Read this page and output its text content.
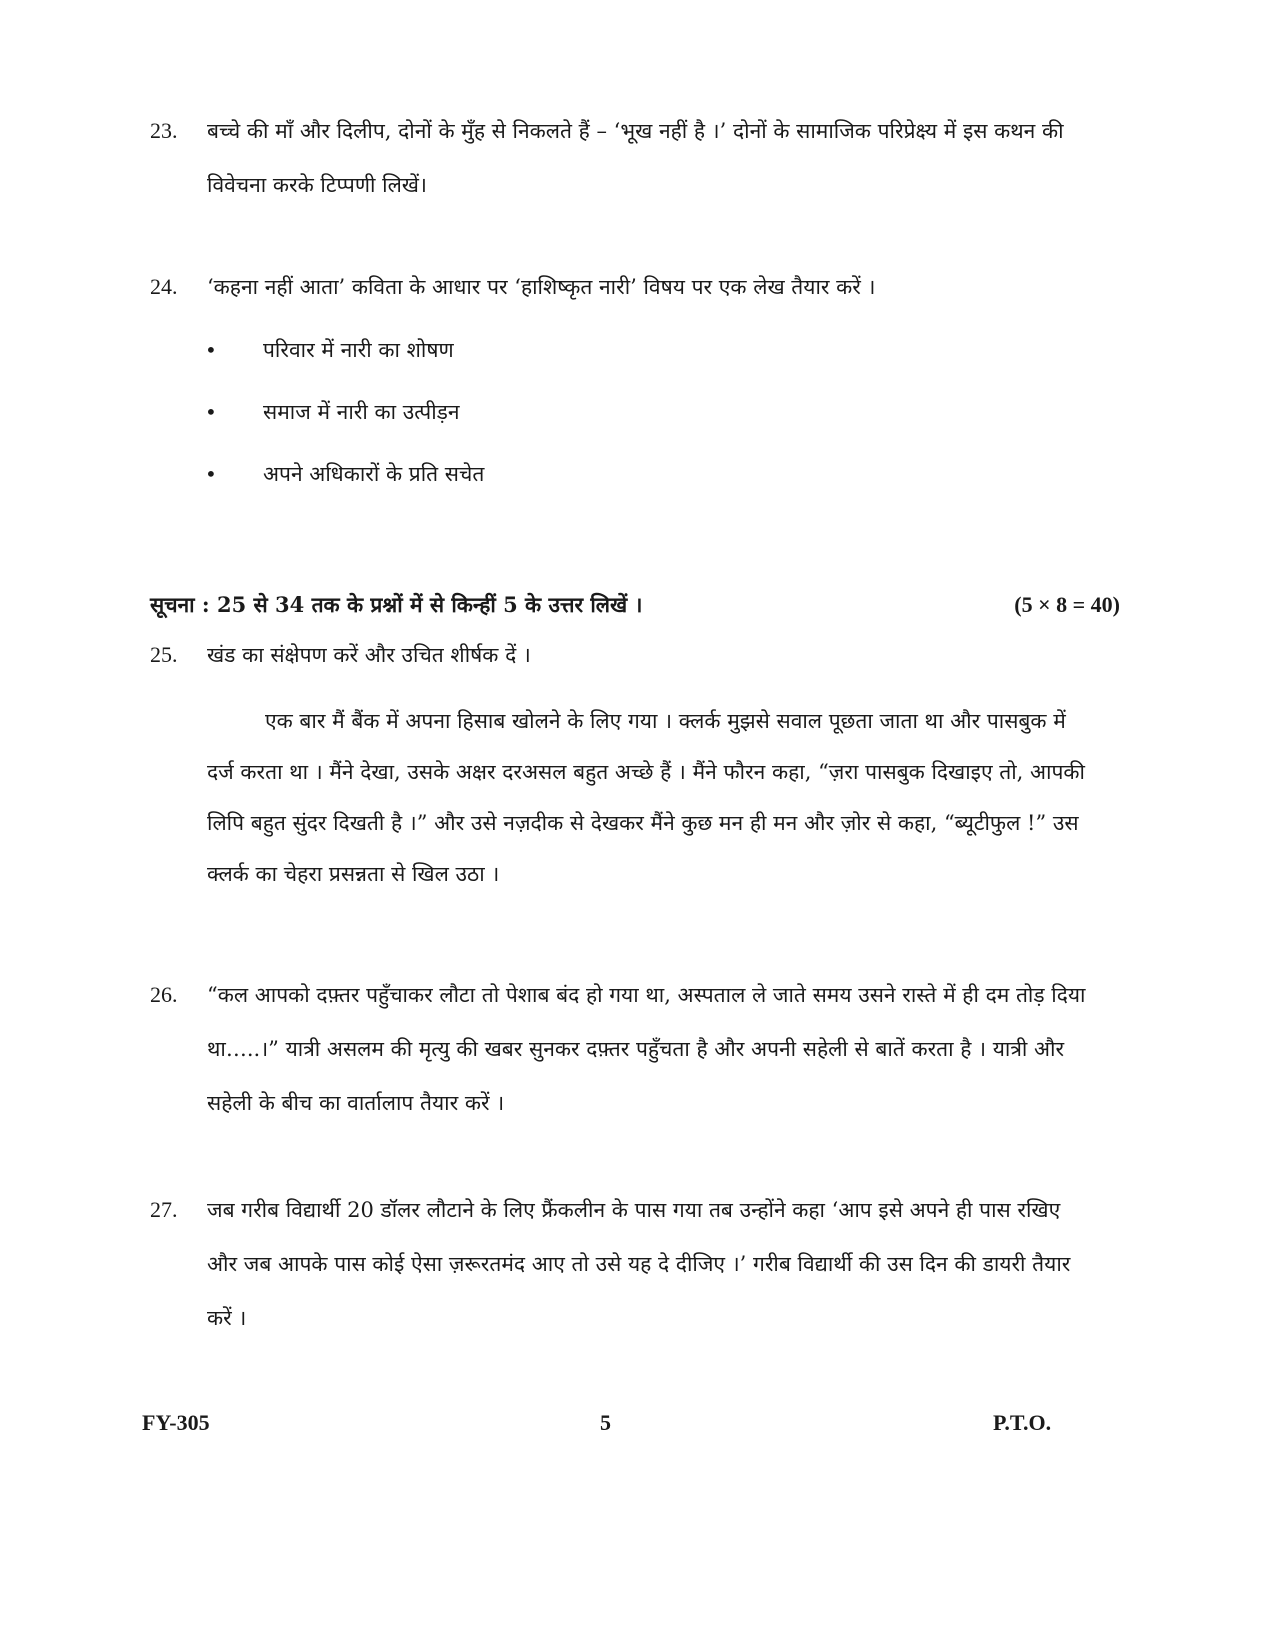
23.	बच्चे की माँ और दिलीप, दोनों के मुँह से निकलते हैं – ‘भूख नहीं है ।’ दोनों के सामाजिक परिप्रेक्ष्य में इस कथन की विवेचना करके टिप्पणी लिखें।
24.	‘कहना नहीं आता’ कविता के आधार पर ‘हाशिष्कृत नारी’ विषय पर एक लेख तैयार करें ।
• परिवार में नारी का शोषण
• समाज में नारी का उत्पीड़न
• अपने अधिकारों के प्रति सचेत
सूचना : 25 से 34 तक के प्रश्नों में से किन्हीं 5 के उत्तर लिखें ।	(5 × 8 = 40)
25.	खंड का संक्षेपण करें और उचित शीर्षक दें ।
एक बार मैं बैंक में अपना हिसाब खोलने के लिए गया । क्लर्क मुझसे सवाल पूछता जाता था और पासबुक में दर्ज करता था । मैंने देखा, उसके अक्षर दरअसल बहुत अच्छे हैं । मैंने फौरन कहा, “ज़रा पासबुक दिखाइए तो, आपकी लिपि बहुत सुंदर दिखती है ।” और उसे नज़दीक से देखकर मैंने कुछ मन ही मन और ज़ोर से कहा, “ब्यूटीफुल !” उस क्लर्क का चेहरा प्रसन्नता से खिल उठा ।
26.	“कल आपको दफ़्तर पहुँचाकर लौटा तो पेशाब बंद हो गया था, अस्पताल ले जाते समय उसने रास्ते में ही दम तोड़ दिया था…..।” यात्री असलम की मृत्यु की खबर सुनकर दफ़्तर पहुँचता है और अपनी सहेली से बातें करता है । यात्री और सहेली के बीच का वार्तालाप तैयार करें ।
27.	जब गरीब विद्यार्थी 20 डॉलर लौटाने के लिए फ्रैंकलीन के पास गया तब उन्होंने कहा ‘आप इसे अपने ही पास रखिए और जब आपके पास कोई ऐसा ज़रूरतमंद आए तो उसे यह दे दीजिए ।’ गरीब विद्यार्थी की उस दिन की डायरी तैयार करें ।
FY-305	5	P.T.O.
